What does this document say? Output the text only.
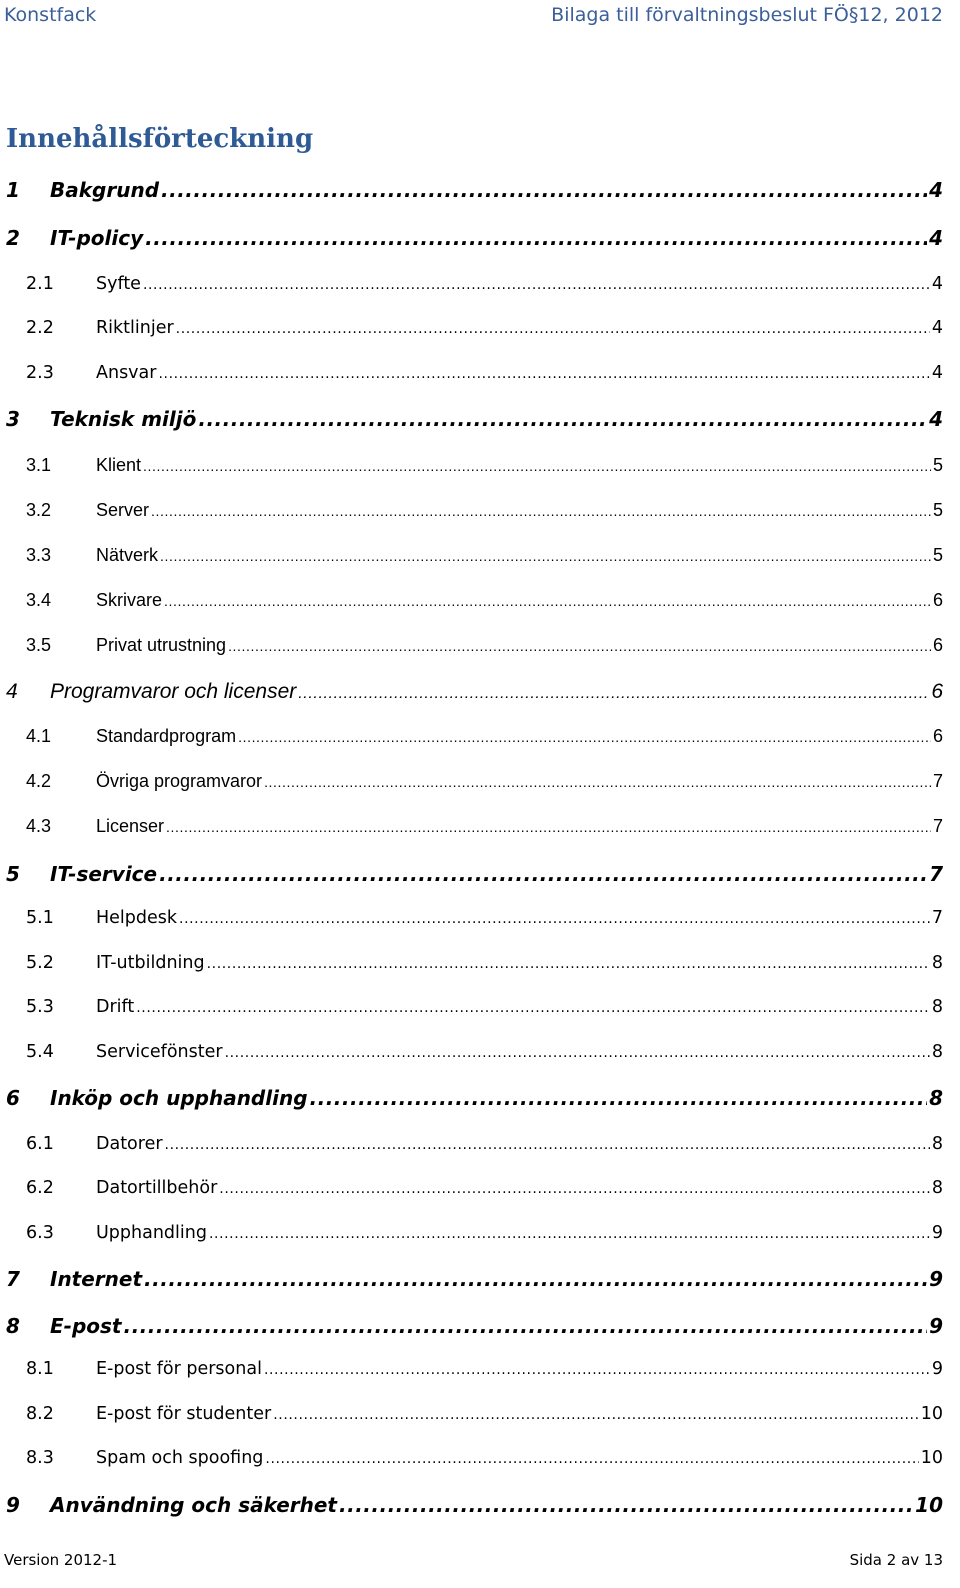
Konstfack	Bilaga till förvaltningsbeslut FÖ§12, 2012
Innehållsförteckning
1	Bakgrund .....	4
2	IT-policy .....	4
2.1	Syfte .....	4
2.2	Riktlinjer .....	4
2.3	Ansvar .....	4
3	Teknisk miljö .....	4
3.1	Klient .....	5
3.2	Server .....	5
3.3	Nätverk .....	5
3.4	Skrivare .....	6
3.5	Privat utrustning .....	6
4	Programvaror och licenser .....	6
4.1	Standardprogram .....	6
4.2	Övriga programvaror .....	7
4.3	Licenser .....	7
5	IT-service .....	7
5.1	Helpdesk .....	7
5.2	IT-utbildning .....	8
5.3	Drift .....	8
5.4	Servicefönster .....	8
6	Inköp och upphandling .....	8
6.1	Datorer .....	8
6.2	Datortillbehör .....	8
6.3	Upphandling .....	9
7	Internet .....	9
8	E-post .....	9
8.1	E-post för personal .....	9
8.2	E-post för studenter .....	10
8.3	Spam och spoofing .....	10
9	Användning och säkerhet .....	10
Version 2012-1	Sida 2 av 13
